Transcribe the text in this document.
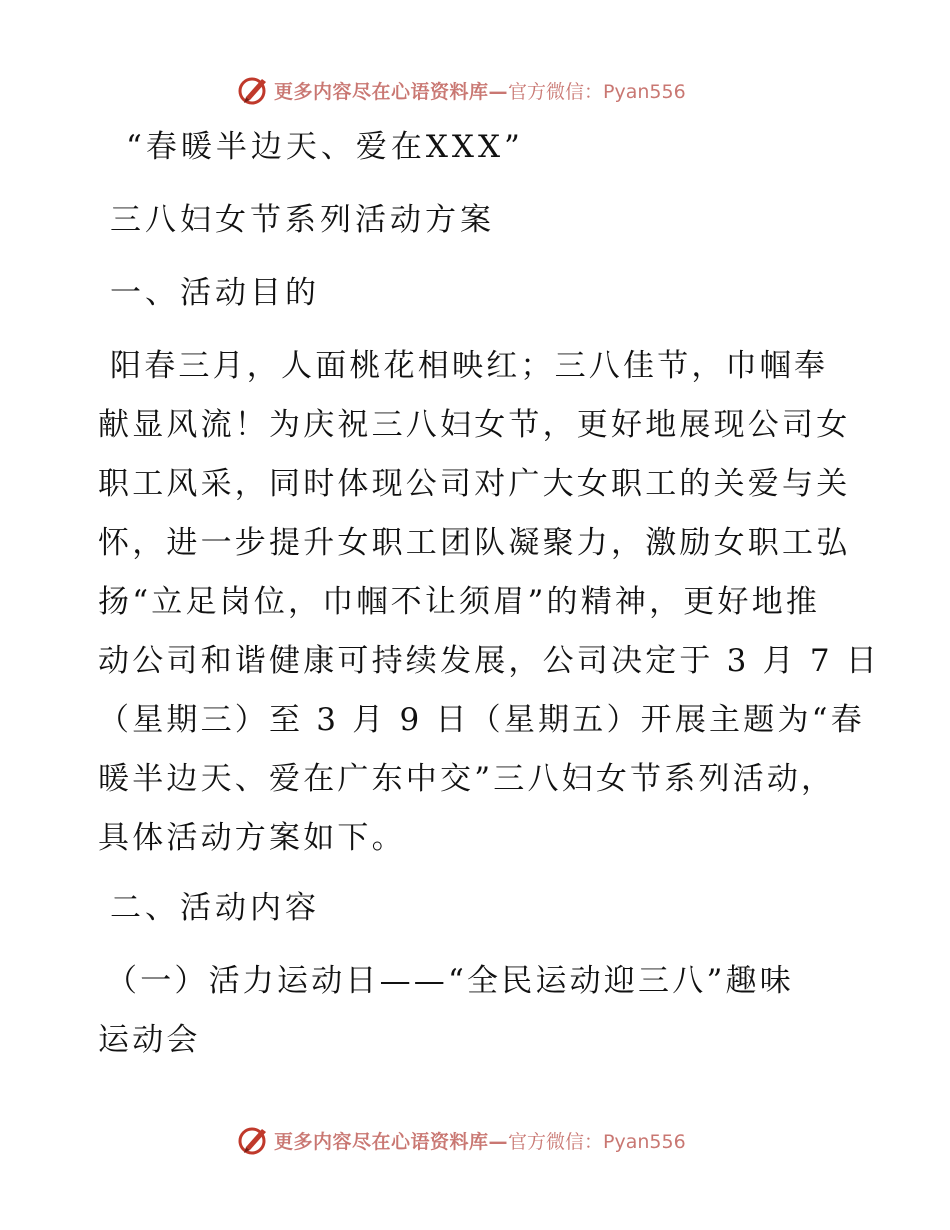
更多内容尽在心语资料库—官方微信：Pyan556
“春暖半边天、爱在XXX”
三八妇女节系列活动方案
一、活动目的
阳春三月，人面桃花相映红；三八佳节，巾帼奉
献显风流！为庆祝三八妇女节，更好地展现公司女
职工风采，同时体现公司对广大女职工的关爱与关
怀，进一步提升女职工团队凝聚力，激励女职工弘
扬“立足岗位，巾帼不让须眉”的精神，更好地推
动公司和谐健康可持续发展，公司决定于 3 月 7 日
（星期三）至 3 月 9 日（星期五）开展主题为“春
暖半边天、爱在广东中交”三八妇女节系列活动，
具体活动方案如下。
二、活动内容
（一）活力运动日——“全民运动迎三八”趣味
运动会
更多内容尽在心语资料库—官方微信：Pyan556
